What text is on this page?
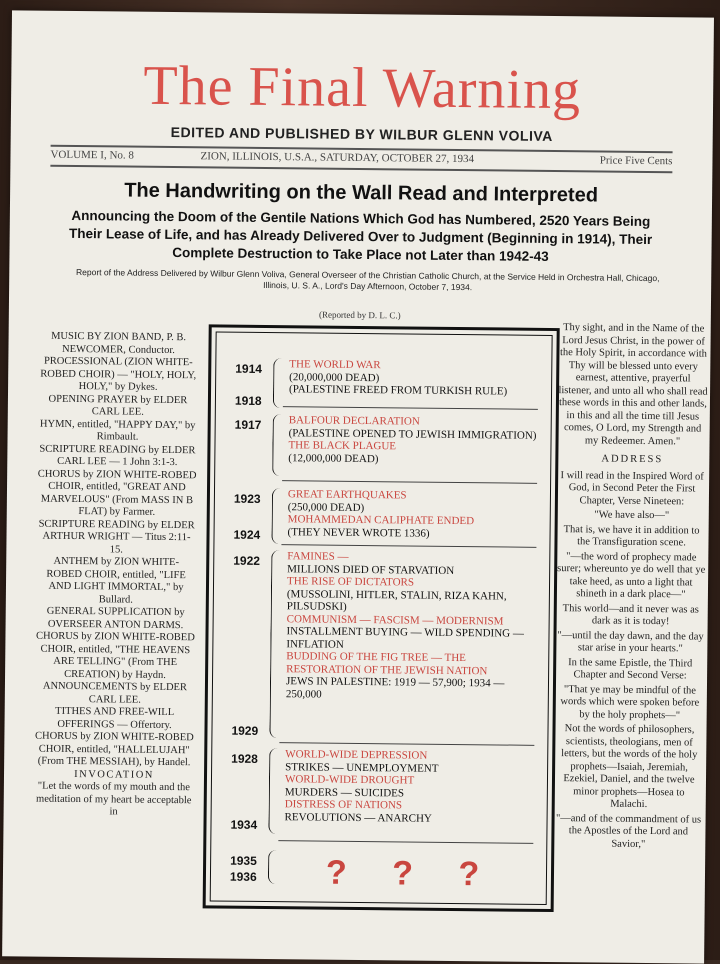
The Final Warning
EDITED AND PUBLISHED BY WILBUR GLENN VOLIVA
VOLUME I, No. 8	ZION, ILLINOIS, U.S.A., SATURDAY, OCTOBER 27, 1934	Price Five Cents
The Handwriting on the Wall Read and Interpreted
Announcing the Doom of the Gentile Nations Which God has Numbered, 2520 Years Being Their Lease of Life, and has Already Delivered Over to Judgment (Beginning in 1914), Their Complete Destruction to Take Place not Later than 1942-43
Report of the Address Delivered by Wilbur Glenn Voliva, General Overseer of the Christian Catholic Church, at the Service Held in Orchestra Hall, Chicago, Illinois, U. S. A., Lord's Day Afternoon, October 7, 1934.
(Reported by D. L. C.)
MUSIC BY ZION BAND, P. B. NEWCOMER, Conductor.
PROCESSIONAL (ZION WHITE-ROBED CHOIR) — "HOLY, HOLY, HOLY," by Dykes.
OPENING PRAYER by ELDER CARL LEE.
HYMN, entitled, "HAPPY DAY," by Rimbault.
SCRIPTURE READING by ELDER CARL LEE — 1 John 3:1-3.
CHORUS by ZION WHITE-ROBED CHOIR, entitled, "GREAT AND MARVELOUS" (From MASS IN B FLAT) by Farmer.
SCRIPTURE READING by ELDER ARTHUR WRIGHT — Titus 2:11-15.
ANTHEM by ZION WHITE-ROBED CHOIR, entitled, "LIFE AND LIGHT IMMORTAL," by Bullard.
GENERAL SUPPLICATION by OVERSEER ANTON DARMS.
CHORUS by ZION WHITE-ROBED CHOIR, entitled, "THE HEAVENS ARE TELLING" (From THE CREATION) by Haydn.
ANNOUNCEMENTS by ELDER CARL LEE.
TITHES AND FREE-WILL OFFERINGS — Offertory.
CHORUS by ZION WHITE-ROBED CHOIR, entitled, "HALLELUJAH" (From THE MESSIAH), by Handel.
INVOCATION
"Let the words of my mouth and the meditation of my heart be acceptable in
1914
1918
THE WORLD WAR
(20,000,000 DEAD)
(PALESTINE FREED FROM TURKISH RULE)
1917 BALFOUR DECLARATION
(PALESTINE OPENED TO JEWISH IMMIGRATION)
THE BLACK PLAGUE
(12,000,000 DEAD)
1923
1924
GREAT EARTHQUAKES
(250,000 DEAD)
MOHAMMEDAN CALIPHATE ENDED
(THEY NEVER WROTE 1336)
1922
1929
FAMINES —
MILLIONS DIED OF STARVATION
THE RISE OF DICTATORS
(MUSSOLINI, HITLER, STALIN, RIZA KAHN, PILSUDSKI)
COMMUNISM — FASCISM — MODERNISM
INSTALLMENT BUYING — WILD SPENDING — INFLATION
BUDDING OF THE FIG TREE — THE RESTORATION OF THE JEWISH NATION
JEWS IN PALESTINE: 1919 — 57,900; 1934 — 250,000
1928
1934
WORLD-WIDE DEPRESSION
STRIKES — UNEMPLOYMENT
WORLD-WIDE DROUGHT
MURDERS — SUICIDES
DISTRESS OF NATIONS
REVOLUTIONS — ANARCHY
1935
1936 ? ? ?

Thy sight, and in the Name of the Lord Jesus Christ, in the power of the Holy Spirit, in accordance with Thy will be blessed unto every earnest, attentive, prayerful listener, and unto all who shall read these words in this and other lands, in this and all the time till Jesus comes, O Lord, my Strength and my Redeemer. Amen."

ADDRESS

I will read in the Inspired Word of God, in Second Peter the First Chapter, Verse Nineteen:

"We have also—"

That is, we have it in addition to the Transfiguration scene.

"—the word of prophecy made surer; whereunto ye do well that ye take heed, as unto a light that shineth in a dark place—"

This world—and it never was as dark as it is today!

"—until the day dawn, and the day star arise in your hearts."

In the same Epistle, the Third Chapter and Second Verse:

"That ye may be mindful of the words which were spoken before by the holy prophets—"

Not the words of philosophers, scientists, theologians, men of letters, but the words of the holy prophets—Isaiah, Jeremiah, Ezekiel, Daniel, and the twelve minor prophets—Hosea to Malachi.

"—and of the commandment of us the Apostles of the Lord and Savior,"
